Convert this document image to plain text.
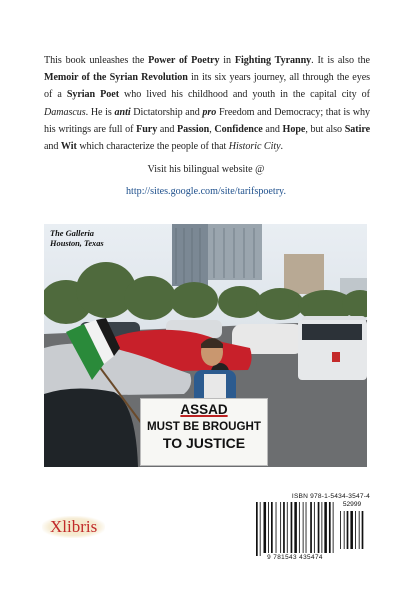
This book unleashes the Power of Poetry in Fighting Tyranny. It is also the Memoir of the Syrian Revolution in its six years journey, all through the eyes of a Syrian Poet who lived his childhood and youth in the capital city of Damascus. He is anti Dictatorship and pro Freedom and Democracy; that is why his writings are full of Fury and Passion, Confidence and Hope, but also Satire and Wit which characterize the people of that Historic City.
Visit his bilingual website @
http://sites.google.com/site/tarifspoetry.
The Galleria
Houston, Texas
ASSAD
MUST BE BROUGHT
TO JUSTICE
Xlibris
ISBN 978-1-5434-3547-4
52999
9 781543 435474
